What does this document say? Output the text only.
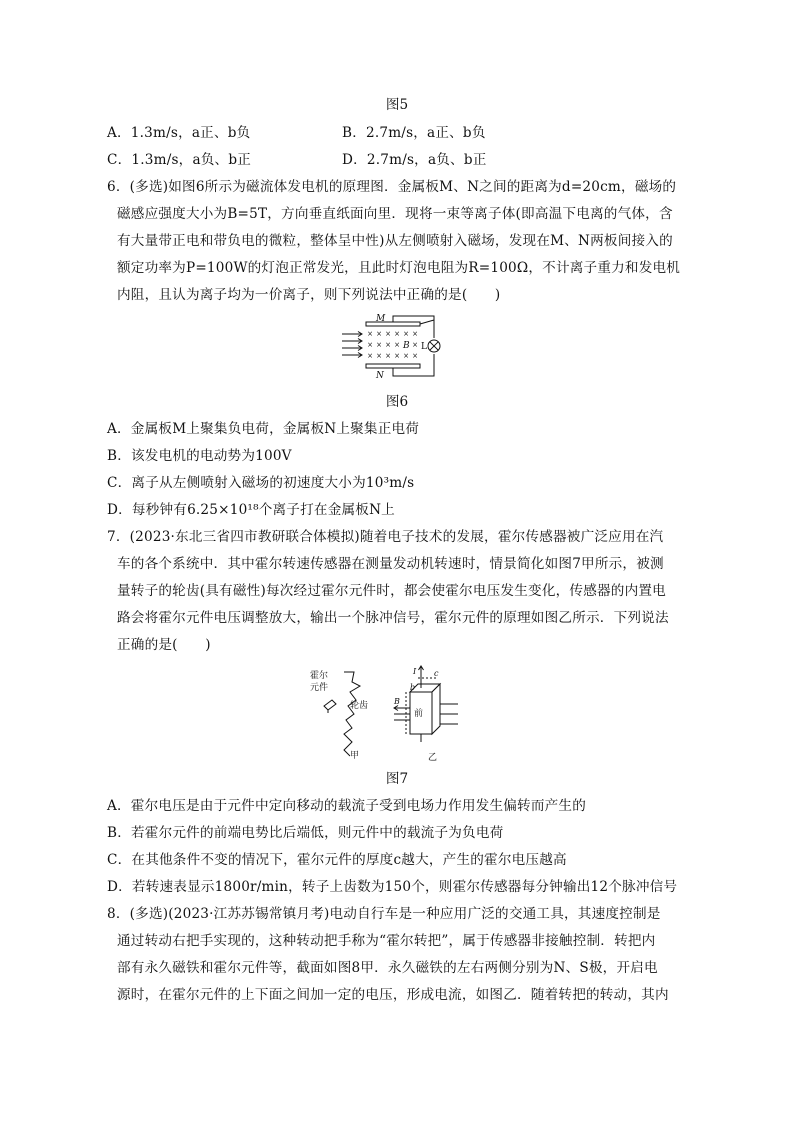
图5
A．1.3m/s，a正、b负	B．2.7m/s，a正、b负
C．1.3m/s，a负、b正	D．2.7m/s，a负、b正
6．(多选)如图6所示为磁流体发电机的原理图．金属板M、N之间的距离为d=20cm，磁场的
磁感应强度大小为B=5T，方向垂直纸面向里．现将一束等离子体(即高温下电离的气体，含
有大量带正电和带负电的微粒，整体呈中性)从左侧喷射入磁场，发现在M、N两板间接入的
额定功率为P=100W的灯泡正常发光，且此时灯泡电阻为R=100Ω，不计离子重力和发电机
内阻，且认为离子均为一价离子，则下列说法中正确的是(　　)
× × × × × ×
× × × × ×
× × × × × ×
M
N
B L
图6
A．金属板M上聚集负电荷，金属板N上聚集正电荷
B．该发电机的电动势为100V
C．离子从左侧喷射入磁场的初速度大小为10³m/s
D．每秒钟有6.25×10¹⁸个离子打在金属板N上
7．(2023·东北三省四市教研联合体模拟)随着电子技术的发展，霍尔传感器被广泛应用在汽
车的各个系统中．其中霍尔转速传感器在测量发动机转速时，情景简化如图7甲所示，被测
量转子的轮齿(具有磁性)每次经过霍尔元件时，都会使霍尔电压发生变化，传感器的内置电
路会将霍尔元件电压调整放大，输出一个脉冲信号，霍尔元件的原理如图乙所示．下列说法
正确的是(　　)
霍尔
元件
轮齿
甲	乙
前
I
b
c
B
图7
A．霍尔电压是由于元件中定向移动的载流子受到电场力作用发生偏转而产生的
B．若霍尔元件的前端电势比后端低，则元件中的载流子为负电荷
C．在其他条件不变的情况下，霍尔元件的厚度c越大，产生的霍尔电压越高
D．若转速表显示1800r/min，转子上齿数为150个，则霍尔传感器每分钟输出12个脉冲信号
8．(多选)(2023·江苏苏锡常镇月考)电动自行车是一种应用广泛的交通工具，其速度控制是
通过转动右把手实现的，这种转动把手称为“霍尔转把”，属于传感器非接触控制．转把内
部有永久磁铁和霍尔元件等，截面如图8甲．永久磁铁的左右两侧分别为N、S极，开启电
源时，在霍尔元件的上下面之间加一定的电压，形成电流，如图乙．随着转把的转动，其内
